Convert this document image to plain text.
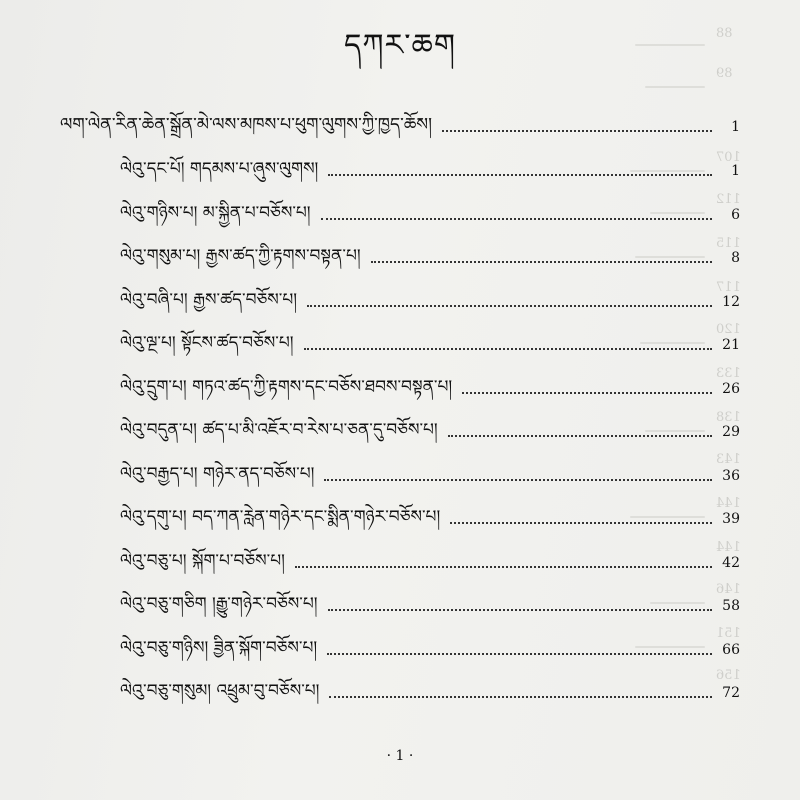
88
89
107
112
115
117
120
133
138
143
144
144
146
151
156
དཀར་ཆག
ལག་ལེན་རིན་ཆེན་སྒྲོན་མེ་ལས་མཁས་པ་ཕུག་ལུགས་ཀྱི་ཁྱད་ཆོས།	1
ལེའུ་དང་པོ། གདམས་པ་ཞུས་ལུགས།	1
ལེའུ་གཉིས་པ། མ་སྐྱིན་པ་བཅོས་པ།	6
ལེའུ་གསུམ་པ། རྒྱས་ཚད་ཀྱི་རྟགས་བསྟན་པ།	8
ལེའུ་བཞི་པ། རྒྱས་ཚད་བཅོས་པ།	12
ལེའུ་ལྔ་པ། སྟོངས་ཚད་བཅོས་པ།	21
ལེའུ་དྲུག་པ། གཏའ་ཚད་ཀྱི་རྟགས་དང་བཅོས་ཐབས་བསྟན་པ།	26
ལེའུ་བདུན་པ། ཚད་པ་མི་འཇོར་བ་རེས་པ་ཅན་དུ་བཅོས་པ།	29
ལེའུ་བརྒྱད་པ། གཉེར་ནད་བཅོས་པ།	36
ལེའུ་དགུ་པ། བད་ཀན་རླེན་གཉེར་དང་སྨིན་གཉེར་བཅོས་པ།	39
ལེའུ་བཅུ་པ། སྐོག་པ་བཅོས་པ།	42
ལེའུ་བཅུ་གཅིག །རྒྱུ་གཉེར་བཅོས་པ།	58
ལེའུ་བཅུ་གཉིས། ཟྱིན་སྐོག་བཅོས་པ།	66
ལེའུ་བཅུ་གསུམ། འཕྲུམ་བུ་བཅོས་པ།	72
· 1 ·
